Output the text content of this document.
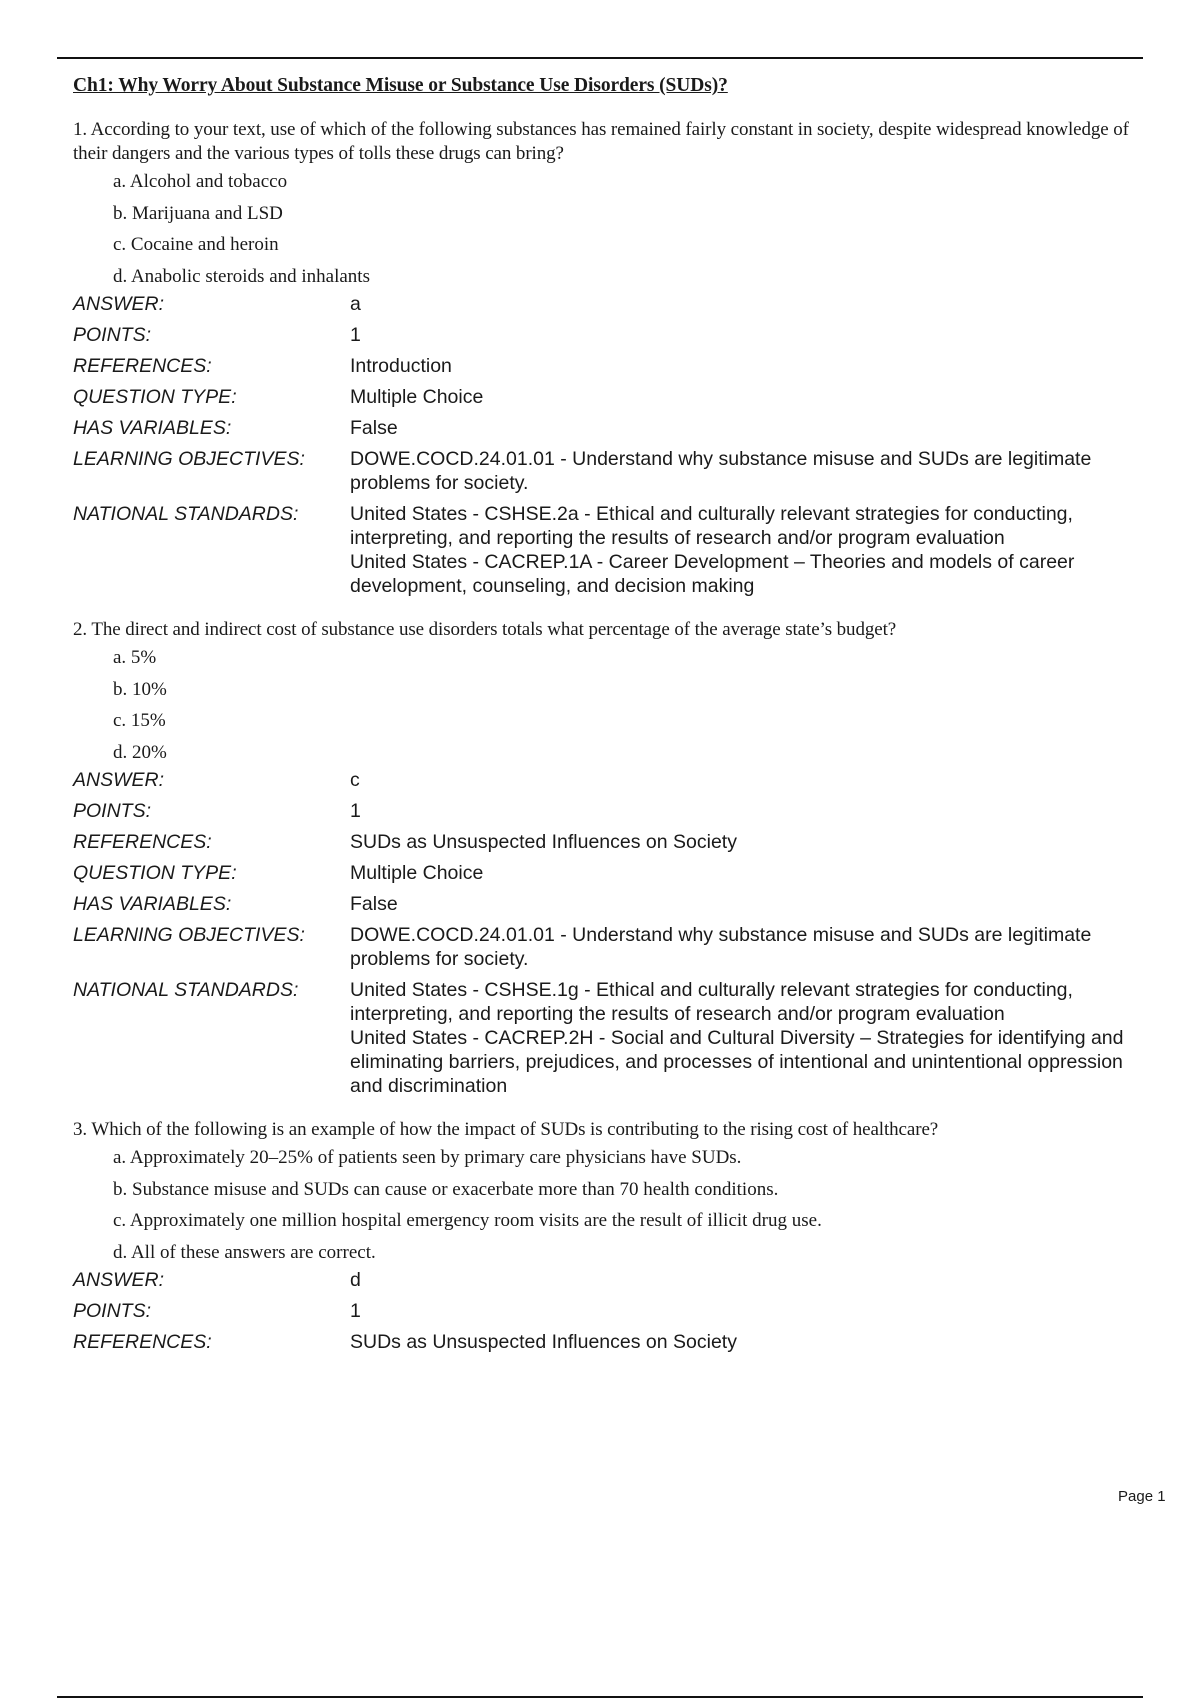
Ch1: Why Worry About Substance Misuse or Substance Use Disorders (SUDs)?

1. According to your text, use of which of the following substances has remained fairly constant in society, despite widespread knowledge of their dangers and the various types of tolls these drugs can bring?

a. Alcohol and tobacco
b. Marijuana and LSD
c. Cocaine and heroin
d. Anabolic steroids and inhalants
ANSWER:	a
POINTS:	1
REFERENCES:	Introduction
QUESTION TYPE:	Multiple Choice
HAS VARIABLES:	False
LEARNING OBJECTIVES:	DOWE.COCD.24.01.01 - Understand why substance misuse and SUDs are legitimate problems for society.
NATIONAL STANDARDS:	United States - CSHSE.2a - Ethical and culturally relevant strategies for conducting, interpreting, and reporting the results of research and/or program evaluation
United States - CACREP.1A - Career Development – Theories and models of career development, counseling, and decision making

2. The direct and indirect cost of substance use disorders totals what percentage of the average state’s budget?

a. 5%
b. 10%
c. 15%
d. 20%
ANSWER:	c
POINTS:	1
REFERENCES:	SUDs as Unsuspected Influences on Society
QUESTION TYPE:	Multiple Choice
HAS VARIABLES:	False
LEARNING OBJECTIVES:	DOWE.COCD.24.01.01 - Understand why substance misuse and SUDs are legitimate problems for society.
NATIONAL STANDARDS:	United States - CSHSE.1g - Ethical and culturally relevant strategies for conducting, interpreting, and reporting the results of research and/or program evaluation
United States - CACREP.2H - Social and Cultural Diversity – Strategies for identifying and eliminating barriers, prejudices, and processes of intentional and unintentional oppression and discrimination

3. Which of the following is an example of how the impact of SUDs is contributing to the rising cost of healthcare?

a. Approximately 20–25% of patients seen by primary care physicians have SUDs.
b. Substance misuse and SUDs can cause or exacerbate more than 70 health conditions.
c. Approximately one million hospital emergency room visits are the result of illicit drug use.
d. All of these answers are correct.
ANSWER:	d
POINTS:	1
REFERENCES:	SUDs as Unsuspected Influences on Society
Page 1
